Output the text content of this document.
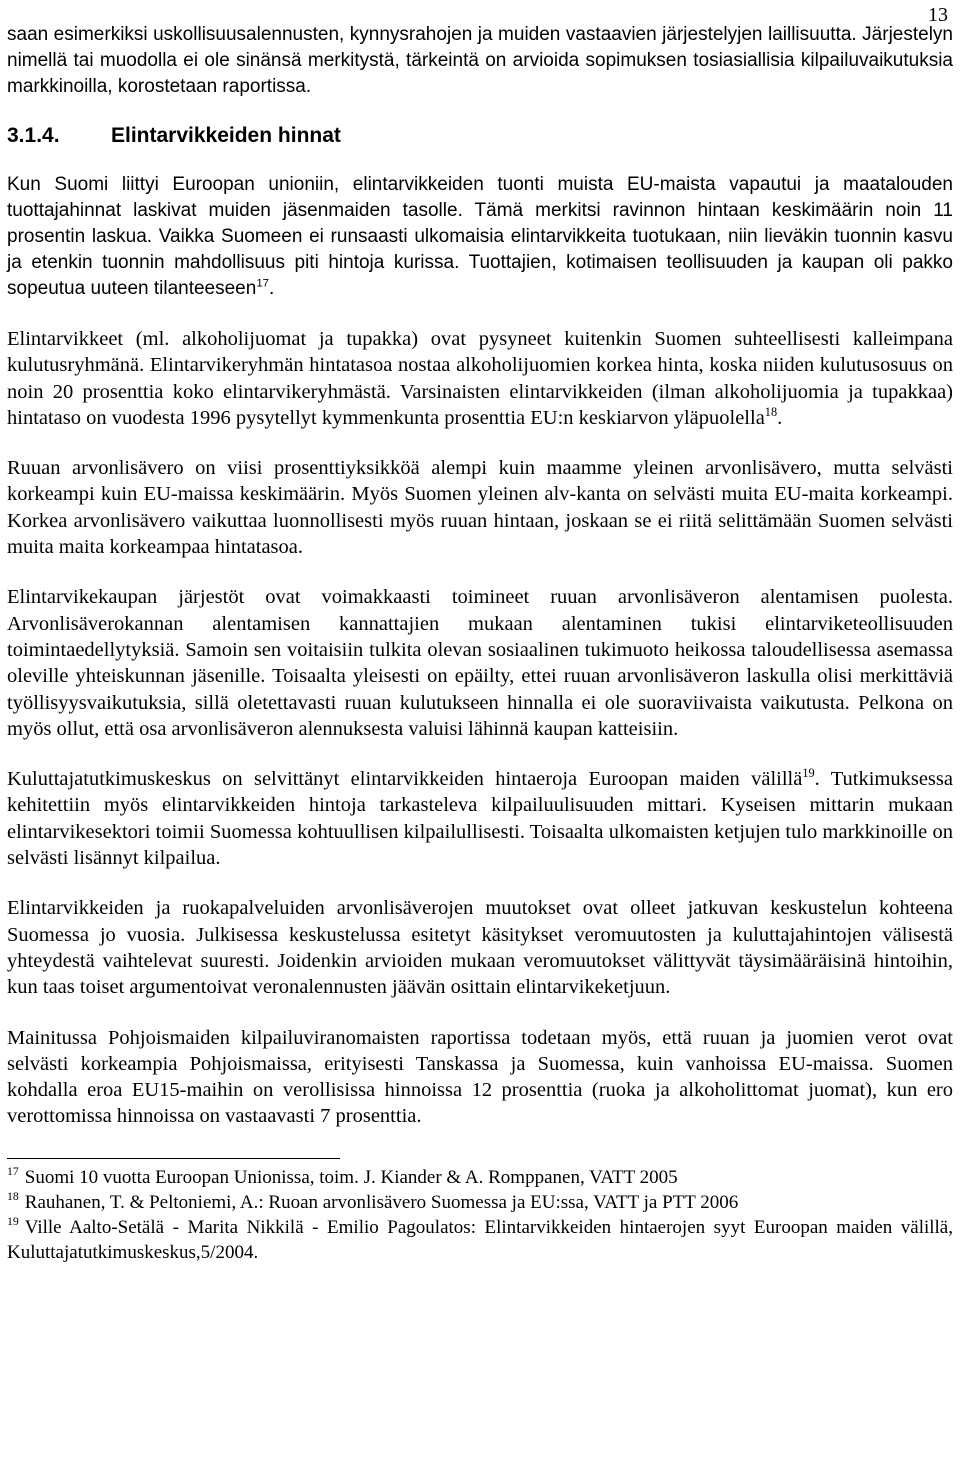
13

saan esimerkiksi uskollisuusalennusten, kynnysrahojen ja muiden vastaavien järjestelyjen laillisuutta. Järjestelyn nimellä tai muodolla ei ole sinänsä merkitystä, tärkeintä on arvioida sopimuksen tosiasiallisia kilpailuvaikutuksia markkinoilla, korostetaan raportissa.

3.1.4. Elintarvikkeiden hinnat

Kun Suomi liittyi Euroopan unioniin, elintarvikkeiden tuonti muista EU-maista vapautui ja maatalouden tuottajahinnat laskivat muiden jäsenmaiden tasolle. Tämä merkitsi ravinnon hintaan keskimäärin noin 11 prosentin laskua. Vaikka Suomeen ei runsaasti ulkomaisia elintarvikkeita tuotukaan, niin lieväkin tuonnin kasvu ja etenkin tuonnin mahdollisuus piti hintoja kurissa. Tuottajien, kotimaisen teollisuuden ja kaupan oli pakko sopeutua uuteen tilanteeseen$^{17}$.

Elintarvikkeet (ml. alkoholijuomat ja tupakka) ovat pysyneet kuitenkin Suomen suhteellisesti kalleimpana kulutusryhmänä. Elintarvikeryhmän hintatasoa nostaa alkoholijuomien korkea hinta, koska niiden kulutusosuus on noin 20 prosenttia koko elintarvikeryhmästä. Varsinaisten elintarvikkeiden (ilman alkoholijuomia ja tupakkaa) hintataso on vuodesta 1996 pysytellyt kymmenkunta prosenttia EU:n keskiarvon yläpuolella$^{18}$.

Ruuan arvonlisävero on viisi prosenttiyksikköä alempi kuin maamme yleinen arvonlisävero, mutta selvästi korkeampi kuin EU-maissa keskimäärin. Myös Suomen yleinen alv-kanta on selvästi muita EU-maita korkeampi. Korkea arvonlisävero vaikuttaa luonnollisesti myös ruuan hintaan, joskaan se ei riitä selittämään Suomen selvästi muita maita korkeampaa hintatasoa.

Elintarvikekaupan järjestöt ovat voimakkaasti toimineet ruuan arvonlisäveron alentamisen puolesta. Arvonlisäverokannan alentamisen kannattajien mukaan alentaminen tukisi elintarviketeollisuuden toimintaedellytyksiä. Samoin sen voitaisiin tulkita olevan sosiaalinen tukimuoto heikossa taloudellisessa asemassa oleville yhteiskunnan jäsenille. Toisaalta yleisesti on epäilty, ettei ruuan arvonlisäveron laskulla olisi merkittäviä työllisyysvaikutuksia, sillä oletettavasti ruuan kulutukseen hinnalla ei ole suoraviivaista vaikutusta. Pelkona on myös ollut, että osa arvonlisäveron alennuksesta valuisi lähinnä kaupan katteisiin.

Kuluttajatutkimuskeskus on selvittänyt elintarvikkeiden hintaeroja Euroopan maiden välillä$^{19}$. Tutkimuksessa kehitettiin myös elintarvikkeiden hintoja tarkasteleva kilpailuulisuuden mittari. Kyseisen mittarin mukaan elintarvikesektori toimii Suomessa kohtuullisen kilpailullisesti. Toisaalta ulkomaisten ketjujen tulo markkinoille on selvästi lisännyt kilpailua.

Elintarvikkeiden ja ruokapalveluiden arvonlisäverojen muutokset ovat olleet jatkuvan keskustelun kohteena Suomessa jo vuosia. Julkisessa keskustelussa esitetyt käsitykset veromuutosten ja kuluttajahintojen välisestä yhteydestä vaihtelevat suuresti. Joidenkin arvioiden mukaan veromuutokset välittyvät täysimääräisinä hintoihin, kun taas toiset argumentoivat veronalennusten jäävän osittain elintarvikeketjuun.

Mainitussa Pohjoismaiden kilpailuviranomaisten raportissa todetaan myös, että ruuan ja juomien verot ovat selvästi korkeampia Pohjoismaissa, erityisesti Tanskassa ja Suomessa, kuin vanhoissa EU-maissa. Suomen kohdalla eroa EU15-maihin on verollisissa hinnoissa 12 prosenttia (ruoka ja alkoholittomat juomat), kun ero verottomissa hinnoissa on vastaavasti 7 prosenttia.

$^{17}$ Suomi 10 vuotta Euroopan Unionissa, toim. J. Kiander & A. Romppanen, VATT 2005

$^{18}$ Rauhanen, T. & Peltoniemi, A.: Ruoan arvonlisävero Suomessa ja EU:ssa, VATT ja PTT 2006

$^{19}$ Ville Aalto-Setälä - Marita Nikkilä - Emilio Pagoulatos: Elintarvikkeiden hintaerojen syyt Euroopan maiden välillä, Kuluttajatutkimuskeskus,5/2004.
